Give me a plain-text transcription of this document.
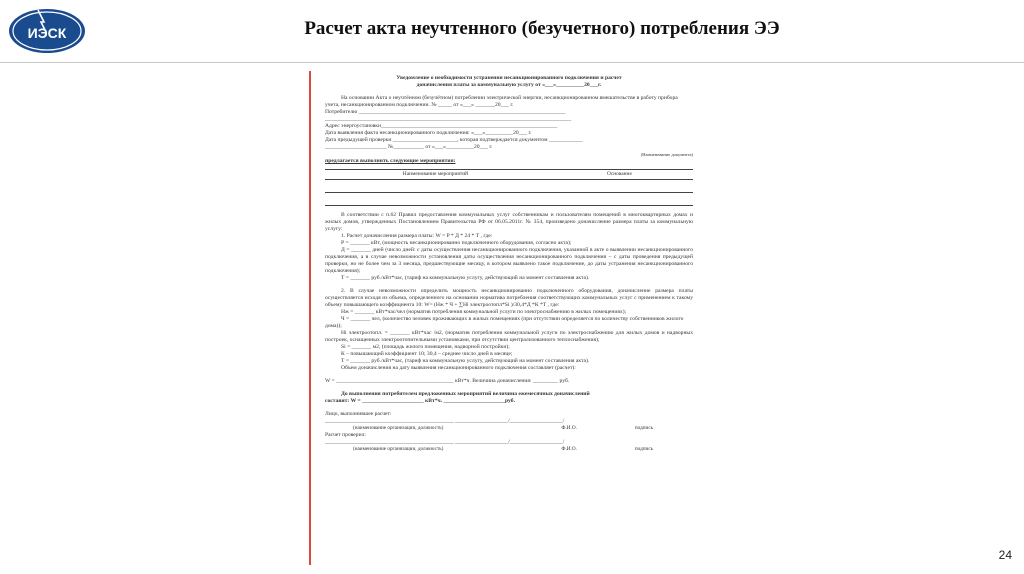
ИЭСК	Расчет акта неучтенного (безучетного) потребления ЭЭ

Уведомление о необходимости устранения несанкционированного подключения и расчет

доначисления платы за коммунальную услугу от «___»__________20___г.

На основании Акта о неучтённом (безучётном) потреблении электрической энергии, несанкционированном вмешательстве в работу прибора учета, несанкционированном подключении. № _____ от «___» _______20___ г.

Потребителю __________________________________________________________________________

________________________________________________________________________________________

Адрес энергоустановки_______________________________________________________________

Дата выявления факта несанкционированного подключения: «___»__________20___ г.

Дата предыдущей проверки _______________________, которая подтверждается документом ____________

______________________ №___________ от «___»__________20___ г.

(Наименование документа)

предлагается выполнить следующие мероприятия:

Наименование мероприятий	Основание

В соответствии с п.62 Правил предоставления коммунальных услуг собственникам и пользователям помещений в многоквартирных домах и жилых домов, утвержденных Постановлением Правительства РФ от 06.05.2011г. № 354, произведено доначисление размера платы за коммунальную услугу:

1. Расчет доначисления размера платы: W = P * Д * 24 * Т , где:

Р = _______ кВт, (мощность несанкционированно подключенного оборудования, согласно акта);

Д = _______ дней (число дней: с даты осуществления несанкционированного подключения, указанной в акте о выявлении несанкционированного подключения, а в случае невозможности установления даты осуществления несанкционированного подключения – с даты проведения предыдущей проверки, но не более чем за 3 месяца, предшествующие месяцу, в котором выявлено такое подключение, до даты устранения несанкционированного подключения);

Т = _______ руб./кВт*час, (тариф на коммунальную услугу, действующий на момент составления акта).

2. В случае невозможности определить мощность несанкционированно подключенного оборудования, доначисление размера платы осуществляется исходя из объема, определенного на основании норматива потребления соответствующих коммунальных услуг с применением к такому объему повышающего коэффициента 10: W= (Нж * Ч + ∑Нi электроотопл*Si )/30,4*Д *К *Т , где:

Нж = _______ кВт*час/чел (норматив потребления коммунальной услуги по электроснабжению в жилых помещениях);

Ч = _______ чел, (количество человек проживающих в жилых помещениях (при отсутствии определяется по количеству собственников жилого дома));

Нi электроотопл. = _______ кВт*час /м2, (норматив потребления коммунальной услуги по электроснабжению для жилых домов и надворных построек, оснащенных электроотопительными установками, при отсутствии централизованного теплоснабжения);

Si = _______ м2, (площадь жилого помещения, надворной постройки);

К – повышающий коэффициент 10; 30,4 – среднее число дней в месяце;

Т = _______ руб./кВт*час, (тариф на коммунальную услугу, действующий на момент составления акта).

Объем доначисления на дату выявления несанкционированного подключения составляет (расчет):

W = __________________________________________ кВт*ч. Величина доначисления: _________ руб.

До выполнения потребителем предложенных мероприятий величина ежемесячных доначислений

составит: W = ______________________ кВт*ч. ______________________руб.

Лицо, выполнившее расчет:

______________________________________________ ___________________/___________________/

(наименование организации, должность)	Ф.И.О.	подпись

Расчет проверил:

______________________________________________ ___________________/___________________/

(наименование организации, должность)	Ф.И.О.	подпись
24
